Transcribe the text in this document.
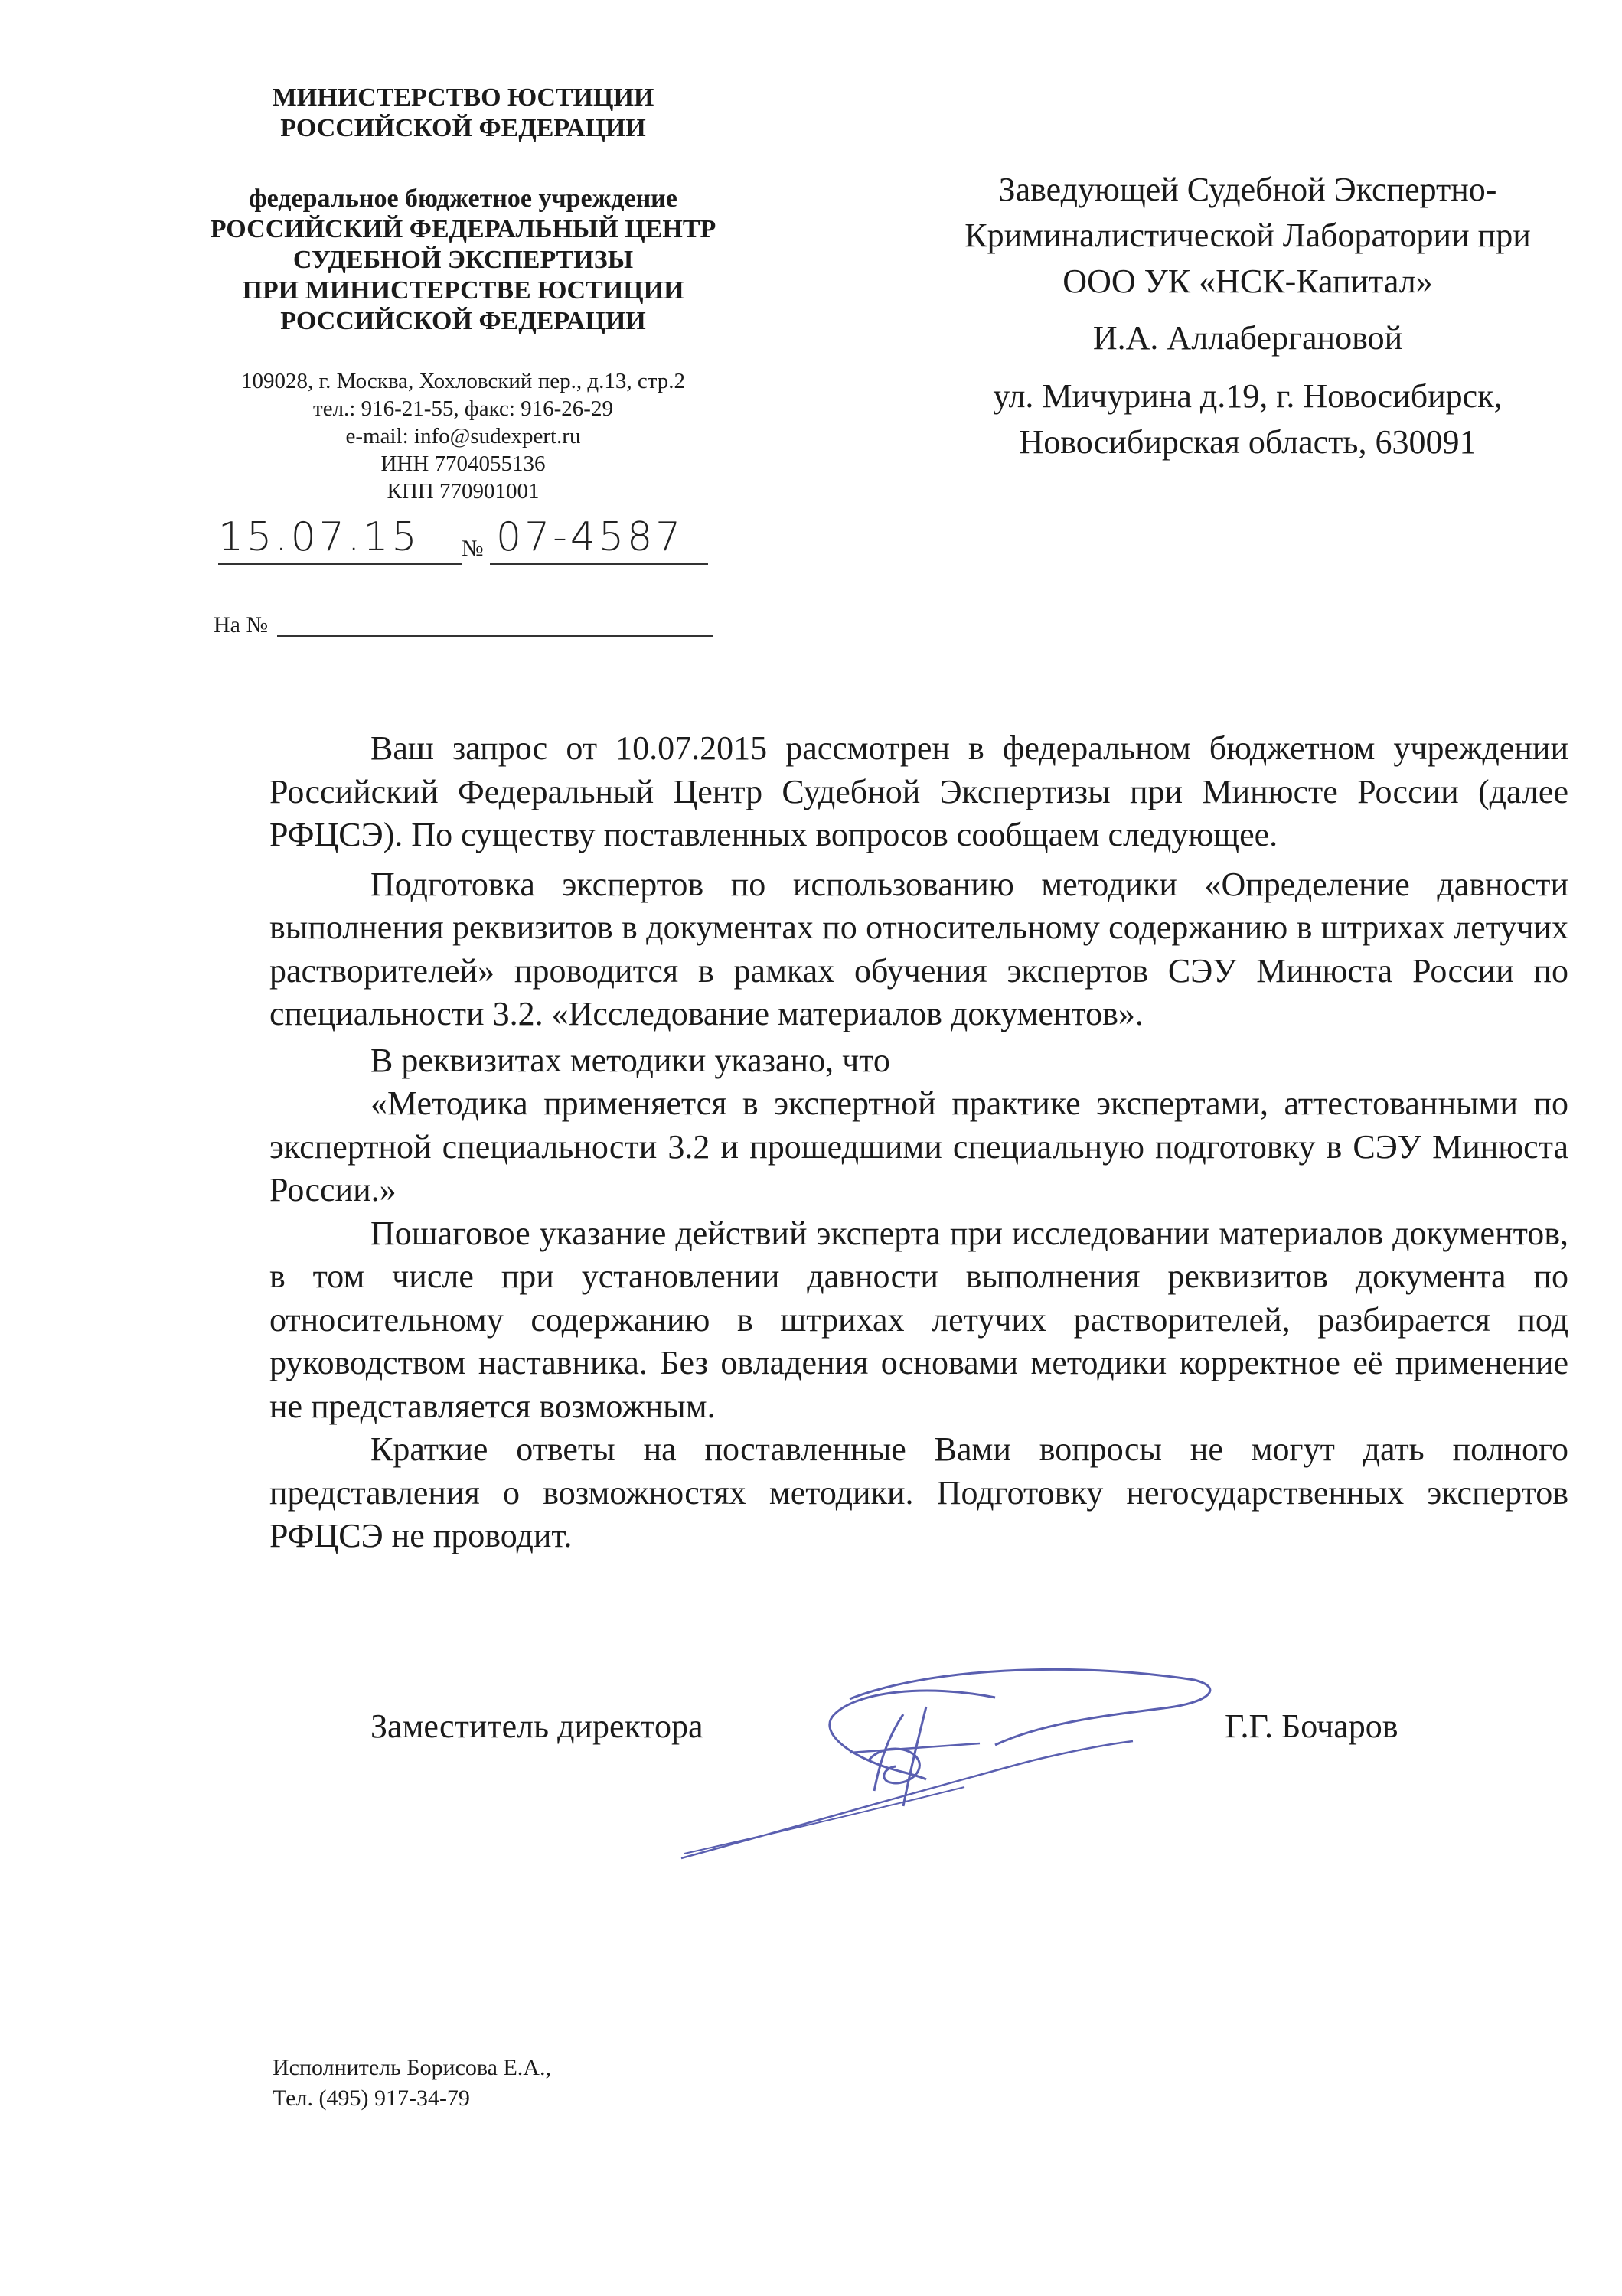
МИНИСТЕРСТВО ЮСТИЦИИ
РОССИЙСКОЙ ФЕДЕРАЦИИ
федеральное бюджетное учреждение
РОССИЙСКИЙ ФЕДЕРАЛЬНЫЙ ЦЕНТР
СУДЕБНОЙ ЭКСПЕРТИЗЫ
ПРИ МИНИСТЕРСТВЕ ЮСТИЦИИ
РОССИЙСКОЙ ФЕДЕРАЦИИ
109028, г. Москва, Хохловский пер., д.13, стр.2
тел.: 916-21-55, факс: 916-26-29
e-mail: info@sudexpert.ru
ИНН 7704055136
КПП 770901001
15.07.15 № 07-4587
На №
Заведующей Судебной Экспертно-
Криминалистической Лаборатории при
ООО УК «НСК-Капитал»
И.А. Аллабергановой
ул. Мичурина д.19, г. Новосибирск,
Новосибирская область, 630091

Ваш запрос от 10.07.2015 рассмотрен в федеральном бюджетном учреждении Российский Федеральный Центр Судебной Экспертизы при Минюсте России (далее РФЦСЭ). По существу поставленных вопросов сообщаем следующее.

Подготовка экспертов по использованию методики «Определение давности выполнения реквизитов в документах по относительному содержанию в штрихах летучих растворителей» проводится в рамках обучения экспертов СЭУ Минюста России по специальности 3.2. «Исследование материалов документов».

В реквизитах методики указано, что

«Методика применяется в экспертной практике экспертами, аттестованными по экспертной специальности 3.2 и прошедшими специальную подготовку в СЭУ Минюста России.»

Пошаговое указание действий эксперта при исследовании материалов документов, в том числе при установлении давности выполнения реквизитов документа по относительному содержанию в штрихах летучих растворителей, разбирается под руководством наставника. Без овладения основами методики корректное её применение не представляется возможным.

Краткие ответы на поставленные Вами вопросы не могут дать полного представления о возможностях методики. Подготовку негосударственных экспертов РФЦСЭ не проводит.

Заместитель директора	Г.Г. Бочаров
Исполнитель Борисова Е.А.,
Тел. (495) 917-34-79
